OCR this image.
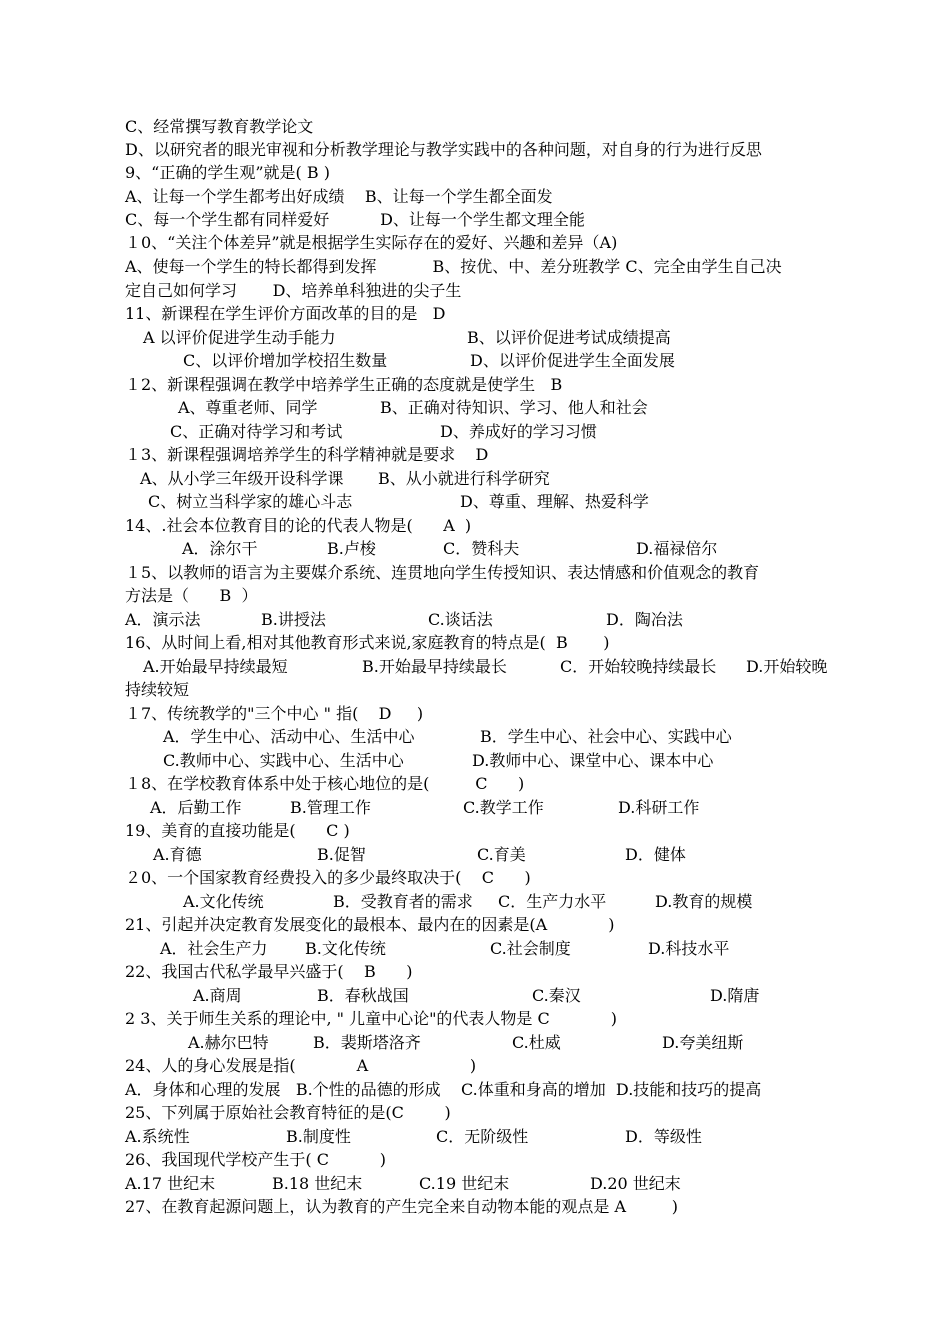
C、经常撰写教育教学论文
D、以研究者的眼光审视和分析教学理论与教学实践中的各种问题，对自身的行为进行反思
9、“正确的学生观”就是( B )
A、让每一个学生都考出好成绩    B、让每一个学生都全面发
C、每一个学生都有同样爱好          D、让每一个学生都文理全能
１0、“关注个体差异”就是根据学生实际存在的爱好、兴趣和差异（A)
A、使每一个学生的特长都得到发挥           B、按优、中、差分班教学 C、完全由学生自己决
定自己如何学习       D、培养单科独进的尖子生
11、新课程在学生评价方面改革的目的是   D
A 以评价促进学生动手能力	B、以评价促进考试成绩提高
C、以评价增加学校招生数量	D、以评价促进学生全面发展
１2、新课程强调在教学中培养学生正确的态度就是使学生   B
A、尊重老师、同学	B、正确对待知识、学习、他人和社会
C、正确对待学习和考试	D、养成好的学习习惯
１3、新课程强调培养学生的科学精神就是要求    D
A、从小学三年级开设科学课 B、从小就进行科学研究
C、树立当科学家的雄心斗志	D、尊重、理解、热爱科学
14、.社会本位教育目的论的代表人物是(      A  )
A．涂尔干	B.卢梭	C．赞科夫	D.福禄倍尔
１5、以教师的语言为主要媒介系统、连贯地向学生传授知识、表达情感和价值观念的教育
方法是（      B  ）
A．演示法	B.讲授法	C.谈话法	D．陶冶法
16、从时间上看,相对其他教育形式来说,家庭教育的特点是(  B       )
A.开始最早持续最短	B.开始最早持续最长	C．开始较晚持续最长 D.开始较晚
持续较短
１7、传统教学的"三个中心 " 指(    D     )
A．学生中心、活动中心、生活中心	B．学生中心、社会中心、实践中心
C.教师中心、实践中心、生活中心	D.教师中心、课堂中心、课本中心
１8、在学校教育体系中处于核心地位的是(         C      )
A．后勤工作	B.管理工作	C.教学工作	D.科研工作
19、美育的直接功能是(      C )
A.育德	B.促智	C.育美	D．健体
２0、一个国家教育经费投入的多少最终取决于(    C      )
A.文化传统	B．受教育者的需求 C．生产力水平	D.教育的规模
21、引起并决定教育发展变化的最根本、最内在的因素是(A            )
A．社会生产力 B.文化传统	C.社会制度	D.科技水平
22、我国古代私学最早兴盛于(    B      )
A.商周	B．春秋战国	C.秦汉	D.隋唐
2 3、关于师生关系的理论中, " 儿童中心论"的代表人物是 C            )
A.赫尔巴特	B．裴斯塔洛齐	C.杜威	D.夸美纽斯
24、人的身心发展是指(            A                    )
A．身体和心理的发展   B.个性的品德的形成    C.体重和身高的增加  D.技能和技巧的提高
25、下列属于原始社会教育特征的是(C        )
A.系统性	B.制度性	C．无阶级性	D．等级性
26、我国现代学校产生于( C          )
A.17 世纪末	B.18 世纪末	C.19 世纪末	D.20 世纪末
27、在教育起源问题上，认为教育的产生完全来自动物本能的观点是 A         )
